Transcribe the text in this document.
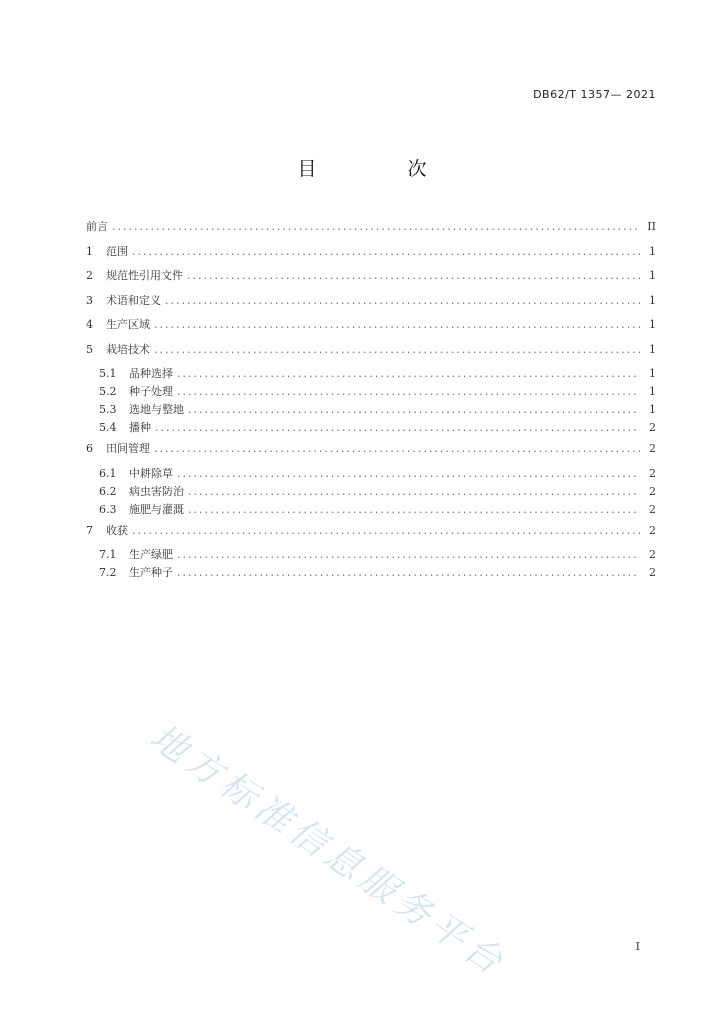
DB62/T 1357— 2021
目　次
前言 .....	II
1	范围 .....	1
2	规范性引用文件 .....	1
3	术语和定义 .....	1
4	生产区域 .....	1
5	栽培技术 .....	1
5.1	品种选择 .....	1
5.2	种子处理 .....	1
5.3	选地与整地 .....	1
5.4	播种 .....	2
6	田间管理 .....	2
6.1	中耕除草 .....	2
6.2	病虫害防治 .....	2
6.3	施肥与灌溉 .....	2
7	收获 .....	2
7.1	生产绿肥 .....	2
7.2	生产种子 .....	2
地方标准信息服务平台	I
